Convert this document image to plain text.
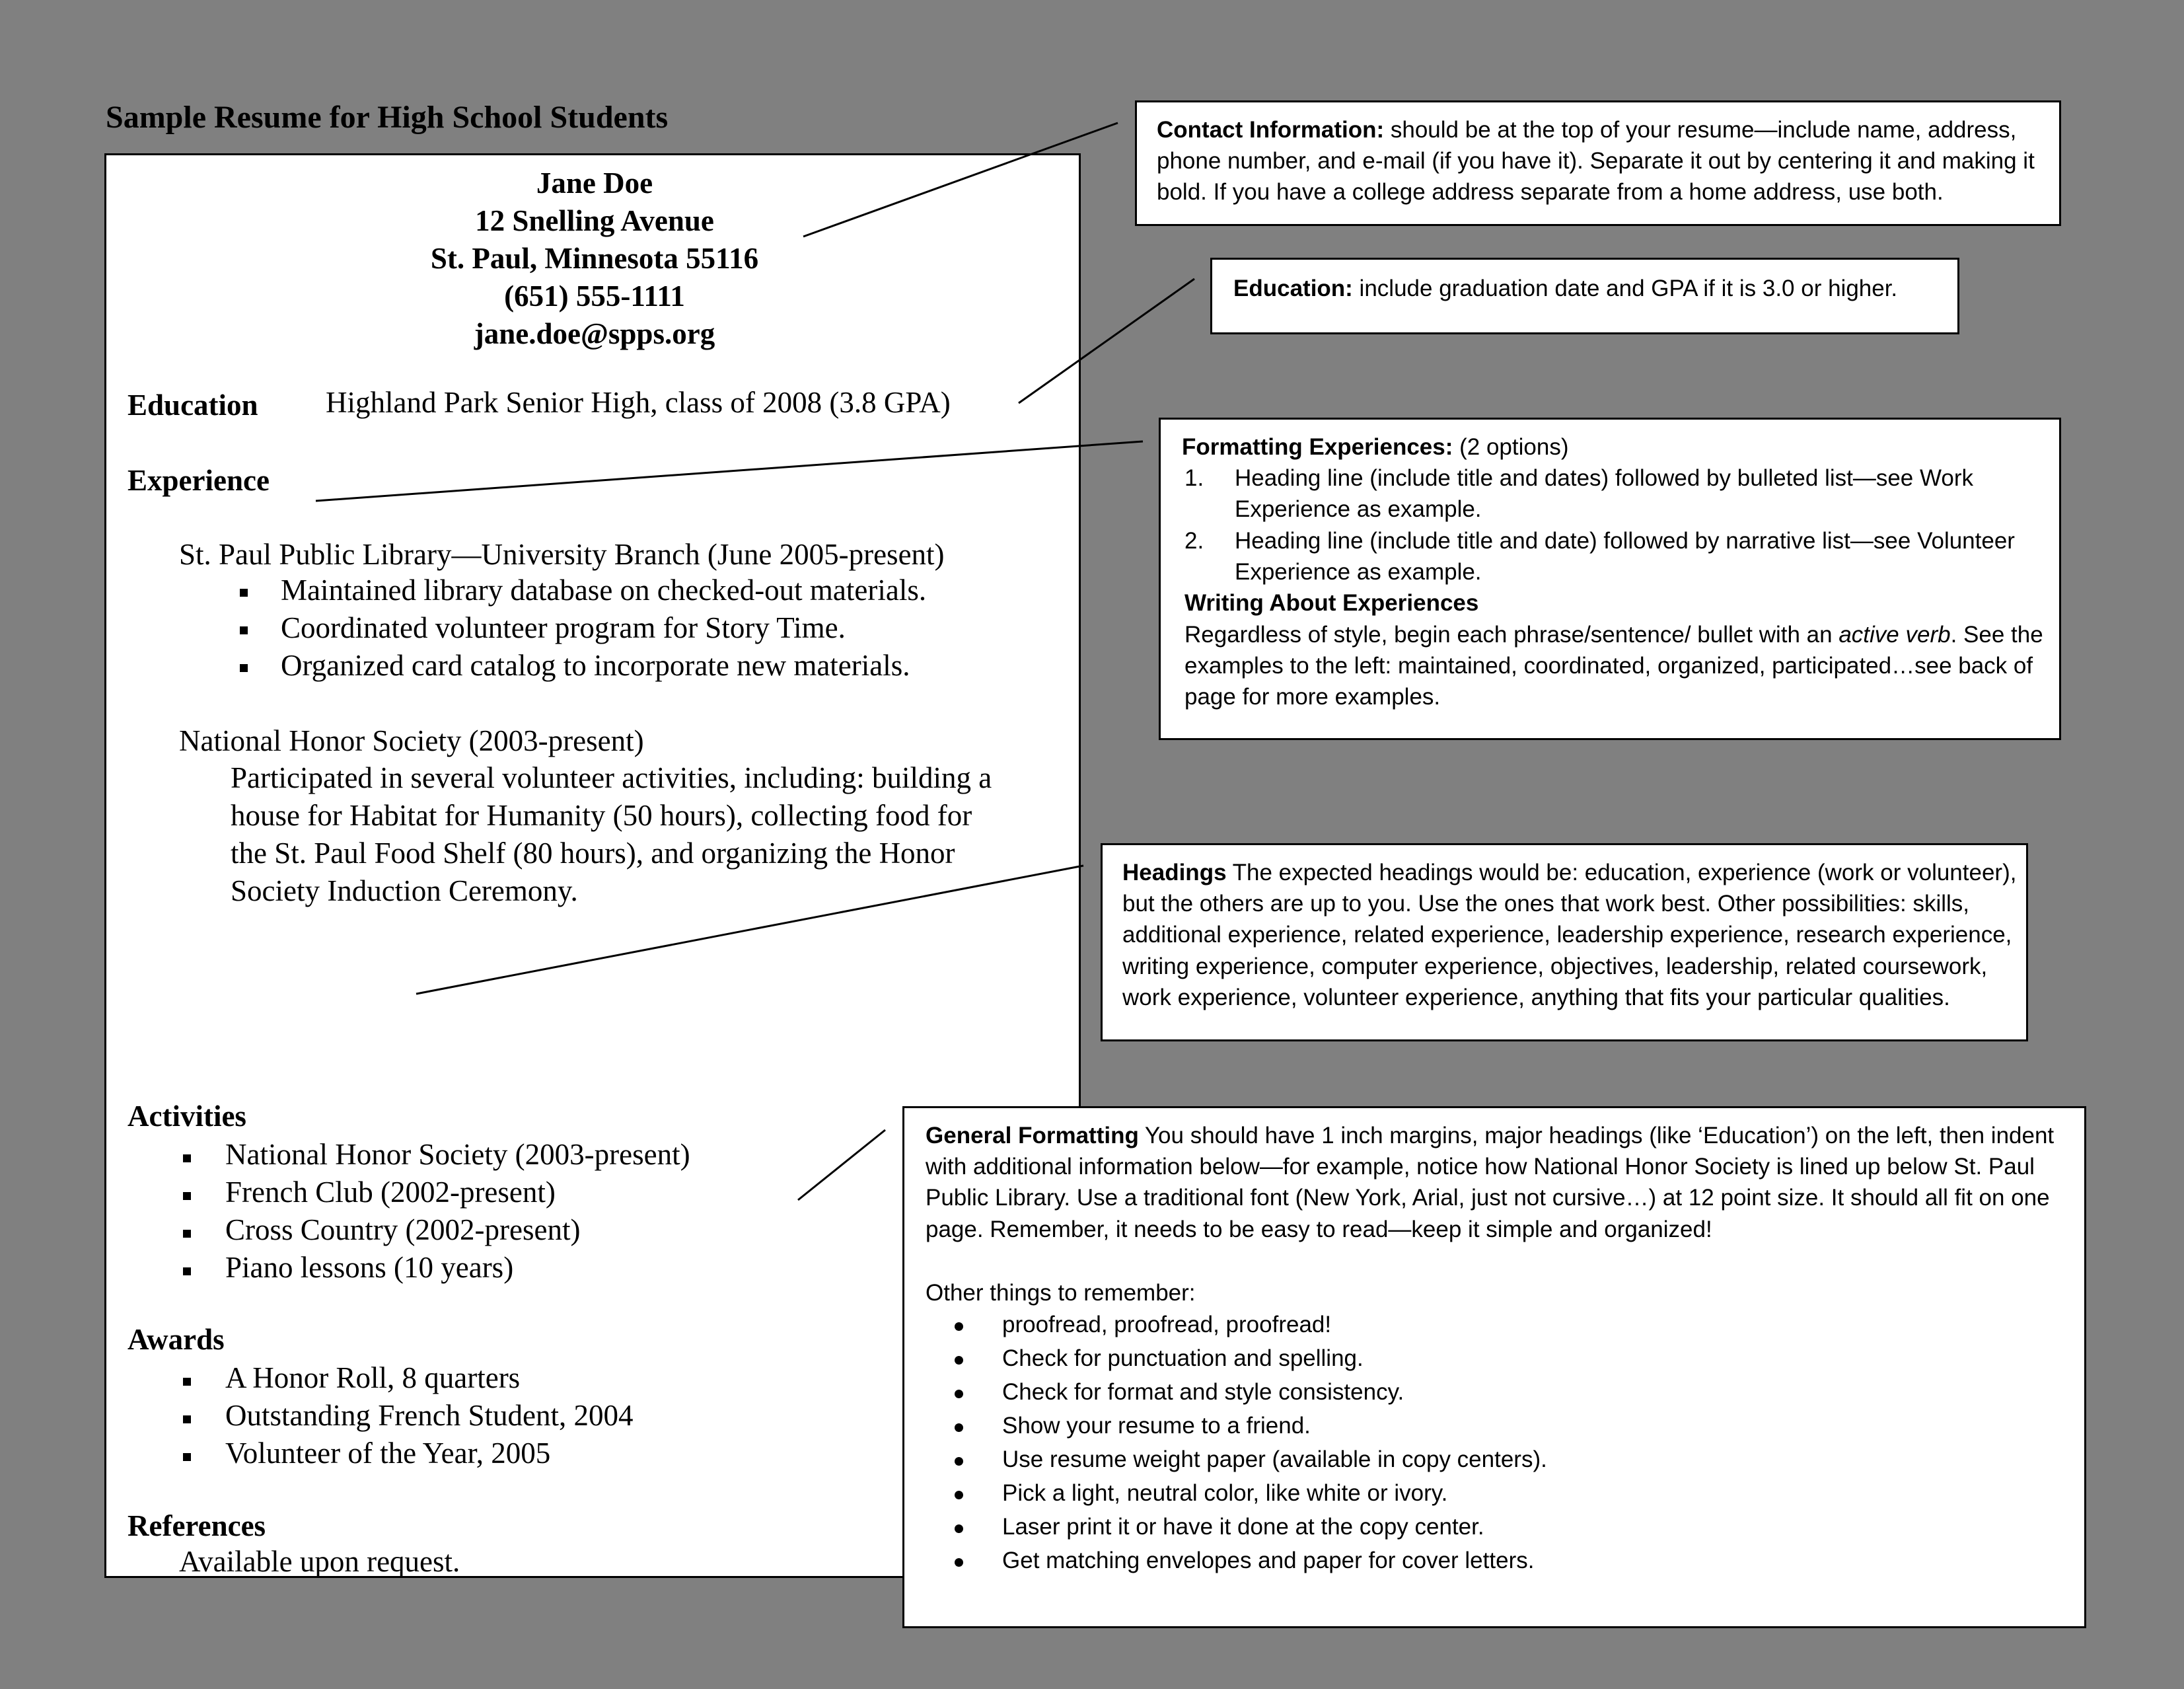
Sample Resume for High School Students
Jane Doe
12 Snelling Avenue
St. Paul, Minnesota 55116
(651) 555-1111
jane.doe@spps.org
Education Highland Park Senior High, class of 2008 (3.8 GPA)
Experience
St. Paul Public Library—University Branch (June 2005-present)
Maintained library database on checked-out materials.
Coordinated volunteer program for Story Time.
Organized card catalog to incorporate new materials.
National Honor Society (2003-present)
Participated in several volunteer activities, including: building a
house for Habitat for Humanity (50 hours), collecting food for
the St. Paul Food Shelf (80 hours), and organizing the Honor
Society Induction Ceremony.
Activities
National Honor Society (2003-present)
French Club (2002-present)
Cross Country (2002-present)
Piano lessons (10 years)
Awards
A Honor Roll, 8 quarters
Outstanding French Student, 2004
Volunteer of the Year, 2005
References
Available upon request.
Contact Information: should be at the top of your resume—include name, address,
phone number, and e-mail (if you have it). Separate it out by centering it and making it
bold. If you have a college address separate from a home address, use both.
Education: include graduation date and GPA if it is 3.0 or higher.
Formatting Experiences: (2 options)
1. Heading line (include title and dates) followed by bulleted list—see Work
Experience as example.
2. Heading line (include title and date) followed by narrative list—see Volunteer
Experience as example.
Writing About Experiences
Regardless of style, begin each phrase/sentence/ bullet with an active verb. See the
examples to the left: maintained, coordinated, organized, participated…see back of
page for more examples.
Headings The expected headings would be: education, experience (work or volunteer),
but the others are up to you. Use the ones that work best. Other possibilities: skills,
additional experience, related experience, leadership experience, research experience,
writing experience, computer experience, objectives, leadership, related coursework,
work experience, volunteer experience, anything that fits your particular qualities.
General Formatting You should have 1 inch margins, major headings (like ‘Education’) on the left, then indent
with additional information below—for example, notice how National Honor Society is lined up below St. Paul
Public Library. Use a traditional font (New York, Arial, just not cursive…) at 12 point size. It should all fit on one
page. Remember, it needs to be easy to read—keep it simple and organized!
Other things to remember:
proofread, proofread, proofread!
Check for punctuation and spelling.
Check for format and style consistency.
Show your resume to a friend.
Use resume weight paper (available in copy centers).
Pick a light, neutral color, like white or ivory.
Laser print it or have it done at the copy center.
Get matching envelopes and paper for cover letters.
